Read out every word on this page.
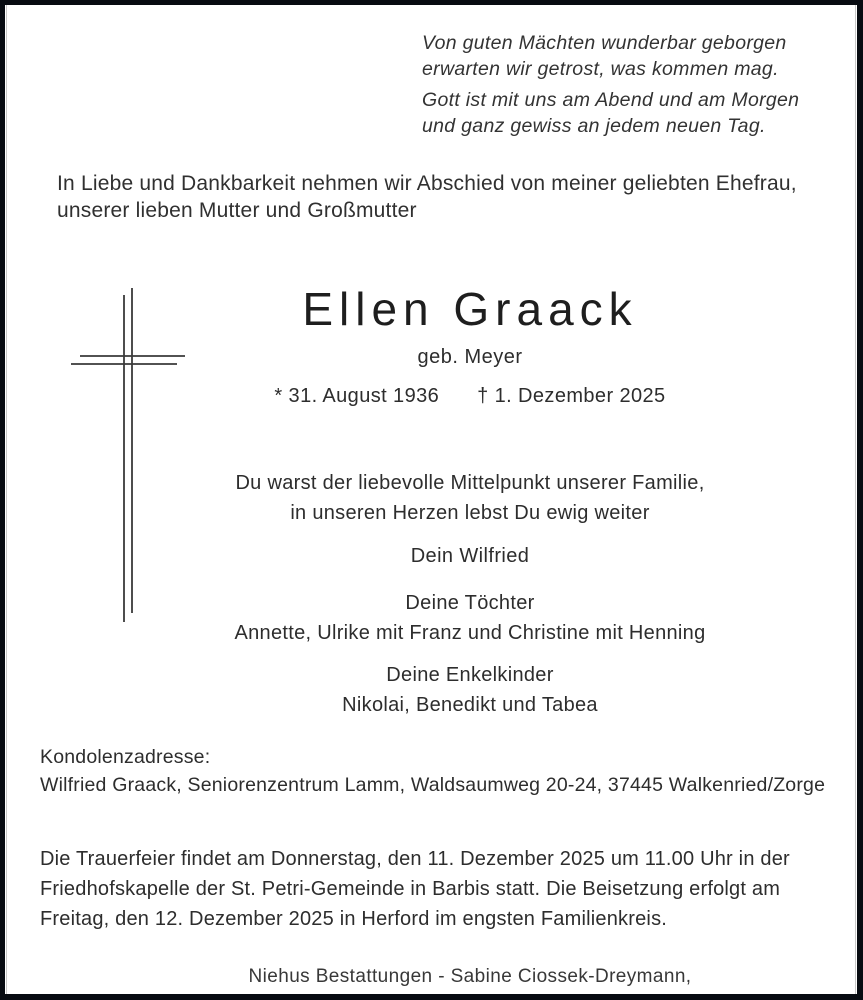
Von guten Mächten wunderbar geborgen
erwarten wir getrost, was kommen mag.
Gott ist mit uns am Abend und am Morgen
und ganz gewiss an jedem neuen Tag.
In Liebe und Dankbarkeit nehmen wir Abschied von meiner geliebten Ehefrau,
unserer lieben Mutter und Großmutter
Ellen Graack
geb. Meyer
* 31. August 1936 † 1. Dezember 2025
Du warst der liebevolle Mittelpunkt unserer Familie,
in unseren Herzen lebst Du ewig weiter
Dein Wilfried
Deine Töchter
Annette, Ulrike mit Franz und Christine mit Henning
Deine Enkelkinder
Nikolai, Benedikt und Tabea
Kondolenzadresse:
Wilfried Graack, Seniorenzentrum Lamm, Waldsaumweg 20-24, 37445 Walkenried/Zorge
Die Trauerfeier findet am Donnerstag, den 11. Dezember 2025 um 11.00 Uhr in der
Friedhofskapelle der St. Petri-Gemeinde in Barbis statt. Die Beisetzung erfolgt am
Freitag, den 12. Dezember 2025 in Herford im engsten Familienkreis.
Niehus Bestattungen - Sabine Ciossek-Dreymann,
